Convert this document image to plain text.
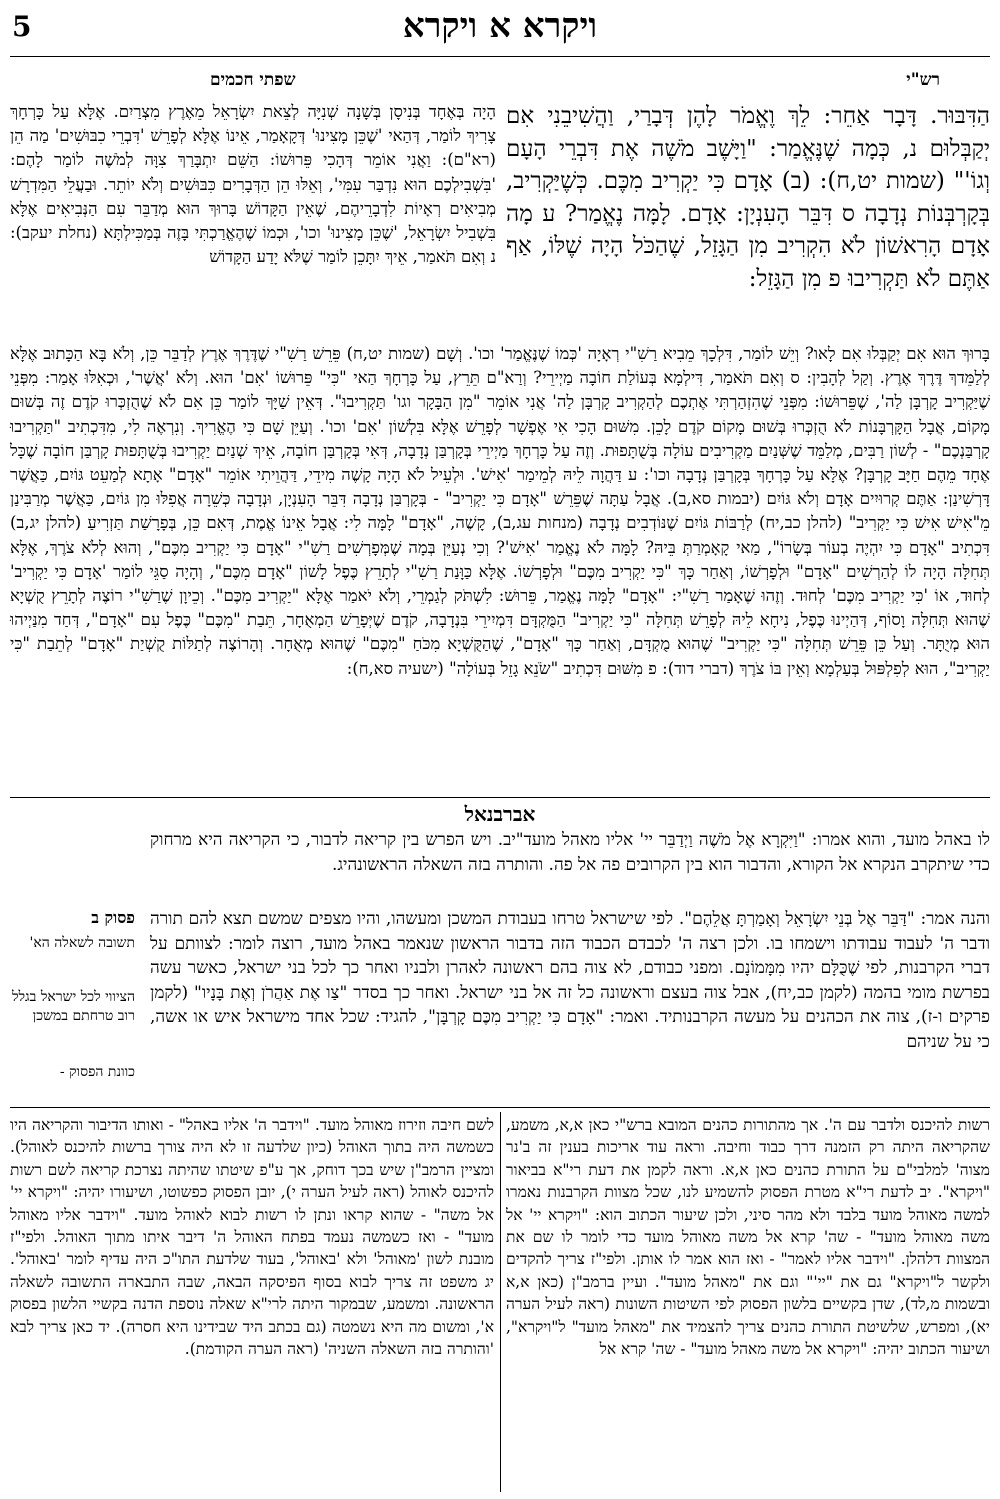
5	ויקרא א ויקרא
רש"י
שפתי חכמים
הַדִּבּוּר. דָּבָר אַחֵר: לֵךְ וֶאֱמֹר לָהֶן דְּבָרַי, וַהֲשִׁיבֵנִי אִם יְקַבְּלוּם נ, כְּמָה שֶׁנֶּאֱמַר: "וַיָּשֶׁב מֹשֶׁה אֶת דִּבְרֵי הָעָם וְגוֹ'" (שמות יט,ח): (ב) אָדָם כִּי יַקְרִיב מִכֶּם. כְּשֶׁיַּקְרִיב, בְּקָרְבְּנוֹת נְדָבָה ס דִּבֵּר הָעִנְיָן: אָדָם. לָמָּה נֶאֱמַר? ע מָה אָדָם הָרִאשׁוֹן לֹא הִקְרִיב מִן הַגָּזֵל, שֶׁהַכֹּל הָיָה שֶׁלּוֹ, אַף אַתֶּם לֹא תַּקְרִיבוּ פ מִן הַגָּזֵל:
הָיָה בְּאֶחָד בְּנִיסָן בְּשָׁנָה שְׁנִיָּה לְצֵאת יִשְׂרָאֵל מֵאֶרֶץ מִצְרַיִם. אֶלָּא עַל כָּרְחָךְ צָרִיךְ לוֹמַר, דְּהַאי 'שֶׁכֵּן מָצִינוּ' דְּקָאָמַר, אֵינוֹ אֶלָּא לְפָרֵשׁ 'דִּבְרֵי כִבּוּשִׁים' מַה הֵן (רא"ם): וַאֲנִי אוֹמֵר דְּהָכִי פֵּרוּשׁוֹ: הַשֵּׁם יִתְבָּרַךְ צִוָּה לְמֹשֶׁה לוֹמַר לָהֶם: 'בִּשְׁבִילְכֶם הוּא נִדְבַּר עִמִּי', וְאֵלּוּ הֵן הַדְּבָרִים כִּבּוּשִׁים וְלֹא יוֹתֵר. וּבַעֲלֵי הַמִּדְרָשׁ מְבִיאִים רְאָיוֹת לִדְבָרֵיהֶם, שֶׁאֵין הַקָּדוֹשׁ בָּרוּךְ הוּא מְדַבֵּר עִם הַנְּבִיאִים אֶלָּא בִּשְׁבִיל יִשְׂרָאֵל, 'שֶׁכֵּן מָצִינוּ' וכו', וּכְמוֹ שֶׁהֶאֱרַכְתִּי בָּזֶה בְּמַכִּילְתָּא (נחלת יעקב): נ וְאִם תֹּאמַר, אֵיךְ יִתָּכֵן לוֹמַר שֶׁלֹּא יָדַע הַקָּדוֹשׁ
בָּרוּךְ הוּא אִם יְקַבְּלוּ אִם לָאו? וְיֵשׁ לוֹמַר, דִּלְכָךְ מֵבִיא רַשִׁ"י רְאָיָה 'כְּמוֹ שֶׁנֶּאֱמַר' וכו'. וְשָׁם (שמות יט,ח) פֵּרֵשׁ רַשִׁ"י שֶׁדֶּרֶךְ אֶרֶץ לְדַבֵּר כֵּן, וְלֹא בָּא הַכָּתוּב אֶלָּא לְלַמֵּדךְ דֶּרֶךְ אֶרֶץ. וְקַל לְהָבִין: ס וְאִם תֹּאמַר, דִּילְמָא בְּעוֹלַת חוֹבָה מַיְירֵי? וְרַא"ם תֵּרֵץ, עַל כָּרְחָךְ הַאי "כִּי" פֵּרוּשׁוֹ 'אִם' הוּא. וְלֹא 'אֲשֶׁר', וּכְאִלּוּ אָמַר: מִפְּנֵי שֶׁיַּקְרִיב קָרְבָּן לַה', שֶׁפֵּרוּשׁוֹ: מִפְּנֵי שֶׁהִזְהַרְתִּי אֶתְכֶם לְהַקְרִיב קָרְבָּן לַה' אֲנִי אוֹמֵר "מִן הַבָּקָר וגו' תַּקְרִיבוּ". דְּאֵין שַׁיָּךְ לוֹמַר כֵּן אִם לֹא שֶׁהֻזְכְּרוּ קֹדֶם זֶה בְּשׁוּם מָקוֹם, אֲבָל הַקָּרְבָּנוֹת לֹא הֻזְכְּרוּ בְּשׁוּם מָקוֹם קֹדֶם לָכֵן. מִשּׁוּם הָכִי אִי אֶפְשָׁר לְפָרֵשׁ אֶלָּא בִּלְשׁוֹן 'אִם' וכו'. וְעַיֵּן שָׁם כִּי הֶאֱרִיךְ. וְנִרְאֶה לִי, מִדִּכְתִיב "תַּקְרִיבוּ קָרְבַּנְכֶם" - לְשׁוֹן רַבִּים, מְלַמֵּד שֶׁשְּׁנַיִם מַקְרִיבִים עוֹלָה בְּשֻׁתָּפוּת. וְזֶה עַל כָּרְחָךְ מַיְירֵי בְּקָרְבַּן נְדָבָה, דְּאִי בְּקָרְבַּן חוֹבָה, אֵיךְ שְׁנַיִם יַקְרִיבוּ בְּשֻׁתָּפוּת קָרְבַּן חוֹבָה שֶׁכָּל אֶחָד מֵהֶם חַיָּב קָרְבָּן? אֶלָּא עַל כָּרְחָךְ בְּקָרְבַּן נְדָבָה וכו': ע דַּהֲוָה לֵיהּ לְמֵימַר 'אִישׁ'. וּלְעֵיל לֹא הָיָה קָשֶׁה מִידֵי, דַּהֲוֵיתִי אוֹמֵר "אָדָם" אָתָא לְמַעֵט גּוֹיִם, כַּאֲשֶׁר דָּרְשִׁינַן: אַתֶּם קְרוּיִים אָדָם וְלֹא גּוֹיִם (יבמות סא,ב). אֲבָל עַתָּה שֶׁפֵּרֵשׁ "אָדָם כִּי יַקְרִיב" - בְּקָרְבַּן נְדָבָה דִּבֵּר הָעִנְיָן, וּנְדָבָה כְּשֵׁרָה אֲפִלּוּ מִן גּוֹיִם, כַּאֲשֶׁר מְרַבִּינַן מֵ"אִישׁ אִישׁ כִּי יַקְרִיב" (להלן כב,יח) לְרַבּוֹת גּוֹיִם שֶׁנּוֹדְבִים נְדָבָה (מנחות עג,ב), קָשֶׁה, "אָדָם" לָמָּה לִי: אֲבָל אֵינוֹ אֱמֶת, דְּאִם כֵּן, בְּפָרָשַׁת תַּזְרִיעַ (להלן יג,ב) דִּכְתִיב "אָדָם כִּי יִהְיֶה בְעוֹר בְּשָׂרוֹ", מַאי קָאָמְרַתְּ בֵּיהּ? לָמָּה לֹא נֶאֱמַר 'אִישׁ'? וְכִי נְעַיֵּן בְּמָה שֶׁמְּפָרְשִׁים רַשִׁ"י "אָדָם כִּי יַקְרִיב מִכֶּם", וְהוּא לְלֹא צֹרֶךְ, אֶלָּא תְּחִלָּה הָיָה לוֹ לְהַרְשִׁים "אָדָם" וּלְפָרְשׁוֹ, וְאַחַר כָּךְ "כִּי יַקְרִיב מִכֶּם" וּלְפָרְשׁוֹ. אֶלָּא כַּוָּנַת רַשִׁ"י לְתָרֵץ כֶּפֶל לָשׁוֹן "אָדָם מִכֶּם", וְהָיָה סַגֵּי לוֹמַר 'אָדָם כִּי יַקְרִיב' לְחוּד, אוֹ 'כִּי יַקְרִיב מִכֶּם' לְחוּד. וְזֶהוּ שֶׁאָמַר רַשִׁ"י: "אָדָם" לָמָּה נֶאֱמַר, פֵּרוּשׁ: לִשְׁתֹּק לְגַמְרֵי, וְלֹא יֹאמַר אֶלָּא "יַקְרִיב מִכֶּם". וְכֵיוָן שֶׁרַשִׁ"י רוֹצֶה לְתָרֵץ קֻשְׁיָא שֶׁהוּא תְּחִלָּה וָסוֹף, דְּהַיְינוּ כֶּפֶל, נִיחָא לֵיהּ לְפָרֵשׁ תְּחִלָּה "כִּי יַקְרִיב" הַמֻּקְדָּם דִּמְיִירֵי בִּנְדָבָה, קֹדֶם שֶׁיְּפָרֵשׁ הַמְאֻחָר, תֵּבַת "מִכֶּם" כֶּפֶל עִם "אָדָם", דְּחַד מִנַּיְיהוּ הוּא מְיֻתָּר. וְעַל כֵּן פֵּרֵשׁ תְּחִלָּה "כִּי יַקְרִיב" שֶׁהוּא מֻקְדָּם, וְאַחַר כָּךְ "אָדָם", שֶׁהַקֻּשְׁיָא מִכֹּחַ "מִכֶּם" שֶׁהוּא מְאֻחָר. וְהָרוֹצֶה לְתַלּוֹת קֻשְׁיַת "אָדָם" לְתֵבַת "כִּי יַקְרִיב", הוּא לְפִלְפּוּל בְּעַלְמָא וְאֵין בּוֹ צֹרֶךְ (דברי דוד): פ מִשּׁוּם דִּכְתִיב "שֹׂנֵא גָזֵל בְּעוֹלָה" (ישעיה סא,ח):
אברבנאל
לו באהל מועד, והוא אמרו: "וַיִּקְרָא אֶל מֹשֶׁה וַיְדַבֵּר יי' אליו מאהל מועד"יב. ויש הפרש בין קריאה לדבור, כי הקריאה היא מרחוק כדי שיתקרב הנקרא אל הקורא, והדבור הוא בין הקרובים פה אל פה. והותרה בזה השאלה הראשונהיג.
והנה אמר: "דַּבֵּר אֶל בְּנֵי יִשְׂרָאֵל וְאָמַרְתָּ אֲלֵהֶם". לפי שישראל טרחו בעבודת המשכן ומעשהו, והיו מצפים שמשם תצא להם תורה ודבר ה' לעבוד עבודתו וישמחו בו. ולכן רצה ה' לכבדם הכבוד הזה בדבור הראשון שנאמר באהל מועד, רוצה לומר: לצוותם על דברי הקרבנות, לפי שֶׁכֻּלָּם יהיו מִמָּמוֹנָם. ומפני כבודם, לא צוה בהם ראשונה לאהרן ולבניו ואחר כך לכל בני ישראל, כאשר עשה בפרשת מומי בהמה (לקמן כב,יח), אבל צוה בעצם וראשונה כל זה אל בני ישראל. ואחר כך בסדר "צַו אֶת אַהֲרֹן וְאֶת בָּנָיו" (לקמן פרקים ו-ז), צוה את הכהנים על מעשה הקרבנותיד. ואמר: "אָדָם כִּי יַקְרִיב מִכֶּם קָרְבָּן", להגיד: שכל אחד מישראל איש או אשה, כי על שניהם
פסוק ב
תשובה לשאלה הא'
הציווי לכל ישראל בגלל רוב טרחתם במשכן
כוונת הפסוק -
רשות להיכנס ולדבר עם ה'. אך מהתורות כהנים המובא ברש"י כאן א,א, משמע, שהקריאה היתה רק הזמנה דרך כבוד וחיבה. וראה עוד אריכות בענין זה ב'נר מצוה' למלבי"ם על התורת כהנים כאן א,א. וראה לקמן את דעת רי"א בביאור "ויקרא". יב לדעת רי"א מטרת הפסוק להשמיע לנו, שכל מצוות הקרבנות נאמרו למשה מאוהל מועד בלבד ולא מהר סיני, ולכן שיעור הכתוב הוא: "ויקרא יי' אל משה מאוהל מועד" - שה' קרא אל משה מאוהל מועד כדי לומר לו שם את המצוות דלהלן. "וידבר אליו לאמר" - ואז הוא אמר לו אותן. ולפי"ז צריך להקדים ולקשר ל"ויקרא" גם את "יי'" וגם את "מאהל מועד". ועיין ברמב"ן (כאן א,א ובשמות מ,לד), שדן בקשיים בלשון הפסוק לפי השיטות השונות (ראה לעיל הערה יא), ומפרש, שלשיטת התורת כהנים צריך להצמיד את "מאהל מועד" ל"ויקרא", ושיעור הכתוב יהיה: "ויקרא אל משה מאהל מועד" - שה' קרא אל
לשם חיבה וזירוז מאוהל מועד. "וידבר ה' אליו באהל" - ואותו הדיבור והקריאה היו כשמשה היה בתוך האוהל (כיון שלדעה זו לא היה צורך ברשות להיכנס לאוהל). ומציין הרמב"ן שיש בכך דוחק, אך ע"פ שיטתו שהיתה נצרכת קריאה לשם רשות להיכנס לאוהל (ראה לעיל הערה י), יובן הפסוק כפשוטו, ושיעורו יהיה: "ויקרא יי' אל משה" - שהוא קראו ונתן לו רשות לבוא לאוהל מועד. "וידבר אליו מאוהל מועד" - ואז כשמשה נעמד בפתח האוהל ה' דיבר איתו מתוך האוהל. ולפי"ז מובנת לשון 'מאוהל' ולא 'באוהל', בעוד שלדעת התו"כ היה עדיף לומר 'באוהל'. יג משפט זה צריך לבוא בסוף הפיסקה הבאה, שבה התבארה התשובה לשאלה הראשונה. ומשמע, שבמקור היתה לרי"א שאלה נוספת הדנה בקשיי הלשון בפסוק א', ומשום מה היא נשמטה (גם בכתב היד שבידינו היא חסרה). יד כאן צריך לבא 'והותרה בזה השאלה השניה' (ראה הערה הקודמת).
